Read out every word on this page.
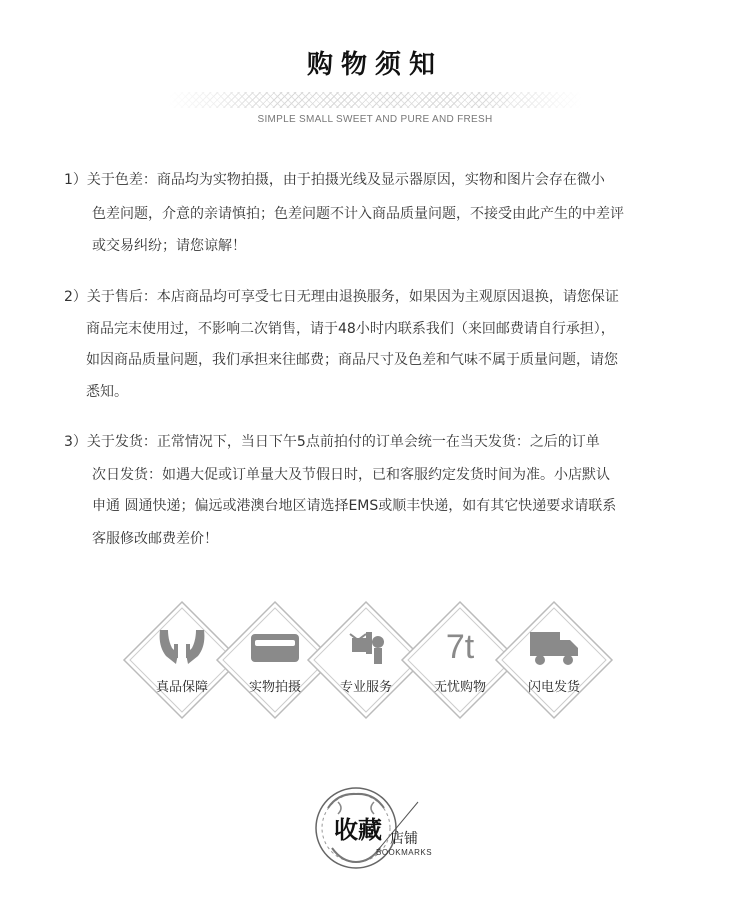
购物须知
SIMPLE SMALL SWEET AND PURE AND FRESH
1）关于色差：商品均为实物拍摄，由于拍摄光线及显示器原因，实物和图片会存在微小
色差问题，介意的亲请慎拍；色差问题不计入商品质量问题，不接受由此产生的中差评
或交易纠纷；请您谅解！
2）关于售后：本店商品均可享受七日无理由退换服务，如果因为主观原因退换，请您保证
商品完末使用过，不影响二次销售，请于48小时内联系我们（来回邮费请自行承担），
如因商品质量问题，我们承担来往邮费；商品尺寸及色差和气味不属于质量问题，请您
悉知。
3）关于发货：正常情况下，当日下午5点前拍付的订单会统一在当天发货：之后的订单
次日发货：如遇大促或订单量大及节假日时，已和客服约定发货时间为准。小店默认
申通 圆通快递；偏远或港澳台地区请选择EMS或顺丰快递，如有其它快递要求请联系
客服修改邮费差价！
真品保障	实物拍摄	专业服务
7t
无忧购物	闪电发货
收藏 店铺
BOOKMARKS
